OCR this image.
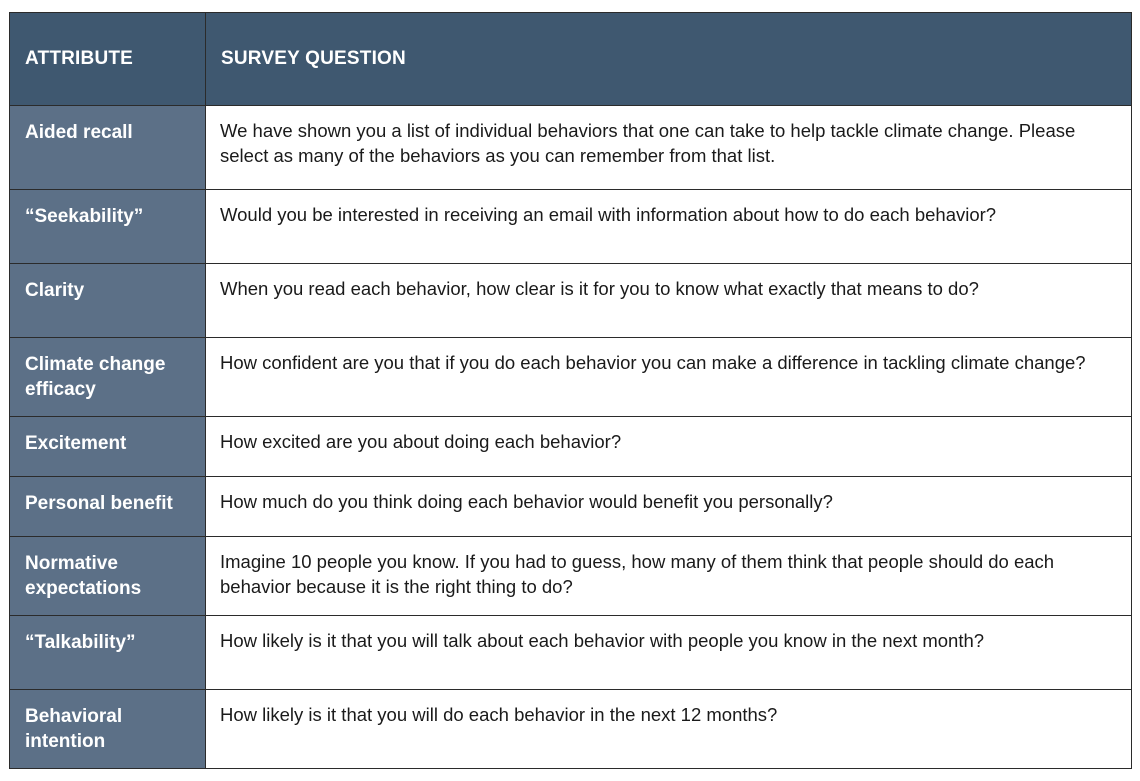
ATTRIBUTE	SURVEY QUESTION
Aided recall	We have shown you a list of individual behaviors that one can take to help tackle climate change. Please select as many of the behaviors as you can remember from that list.
“Seekability”	Would you be interested in receiving an email with information about how to do each behavior?
Clarity	When you read each behavior, how clear is it for you to know what exactly that means to do?
Climate change efficacy	How confident are you that if you do each behavior you can make a difference in tackling climate change?
Excitement	How excited are you about doing each behavior?
Personal benefit	How much do you think doing each behavior would benefit you personally?
Normative expectations	Imagine 10 people you know. If you had to guess, how many of them think that people should do each behavior because it is the right thing to do?
“Talkability”	How likely is it that you will talk about each behavior with people you know in the next month?
Behavioral intention	How likely is it that you will do each behavior in the next 12 months?
